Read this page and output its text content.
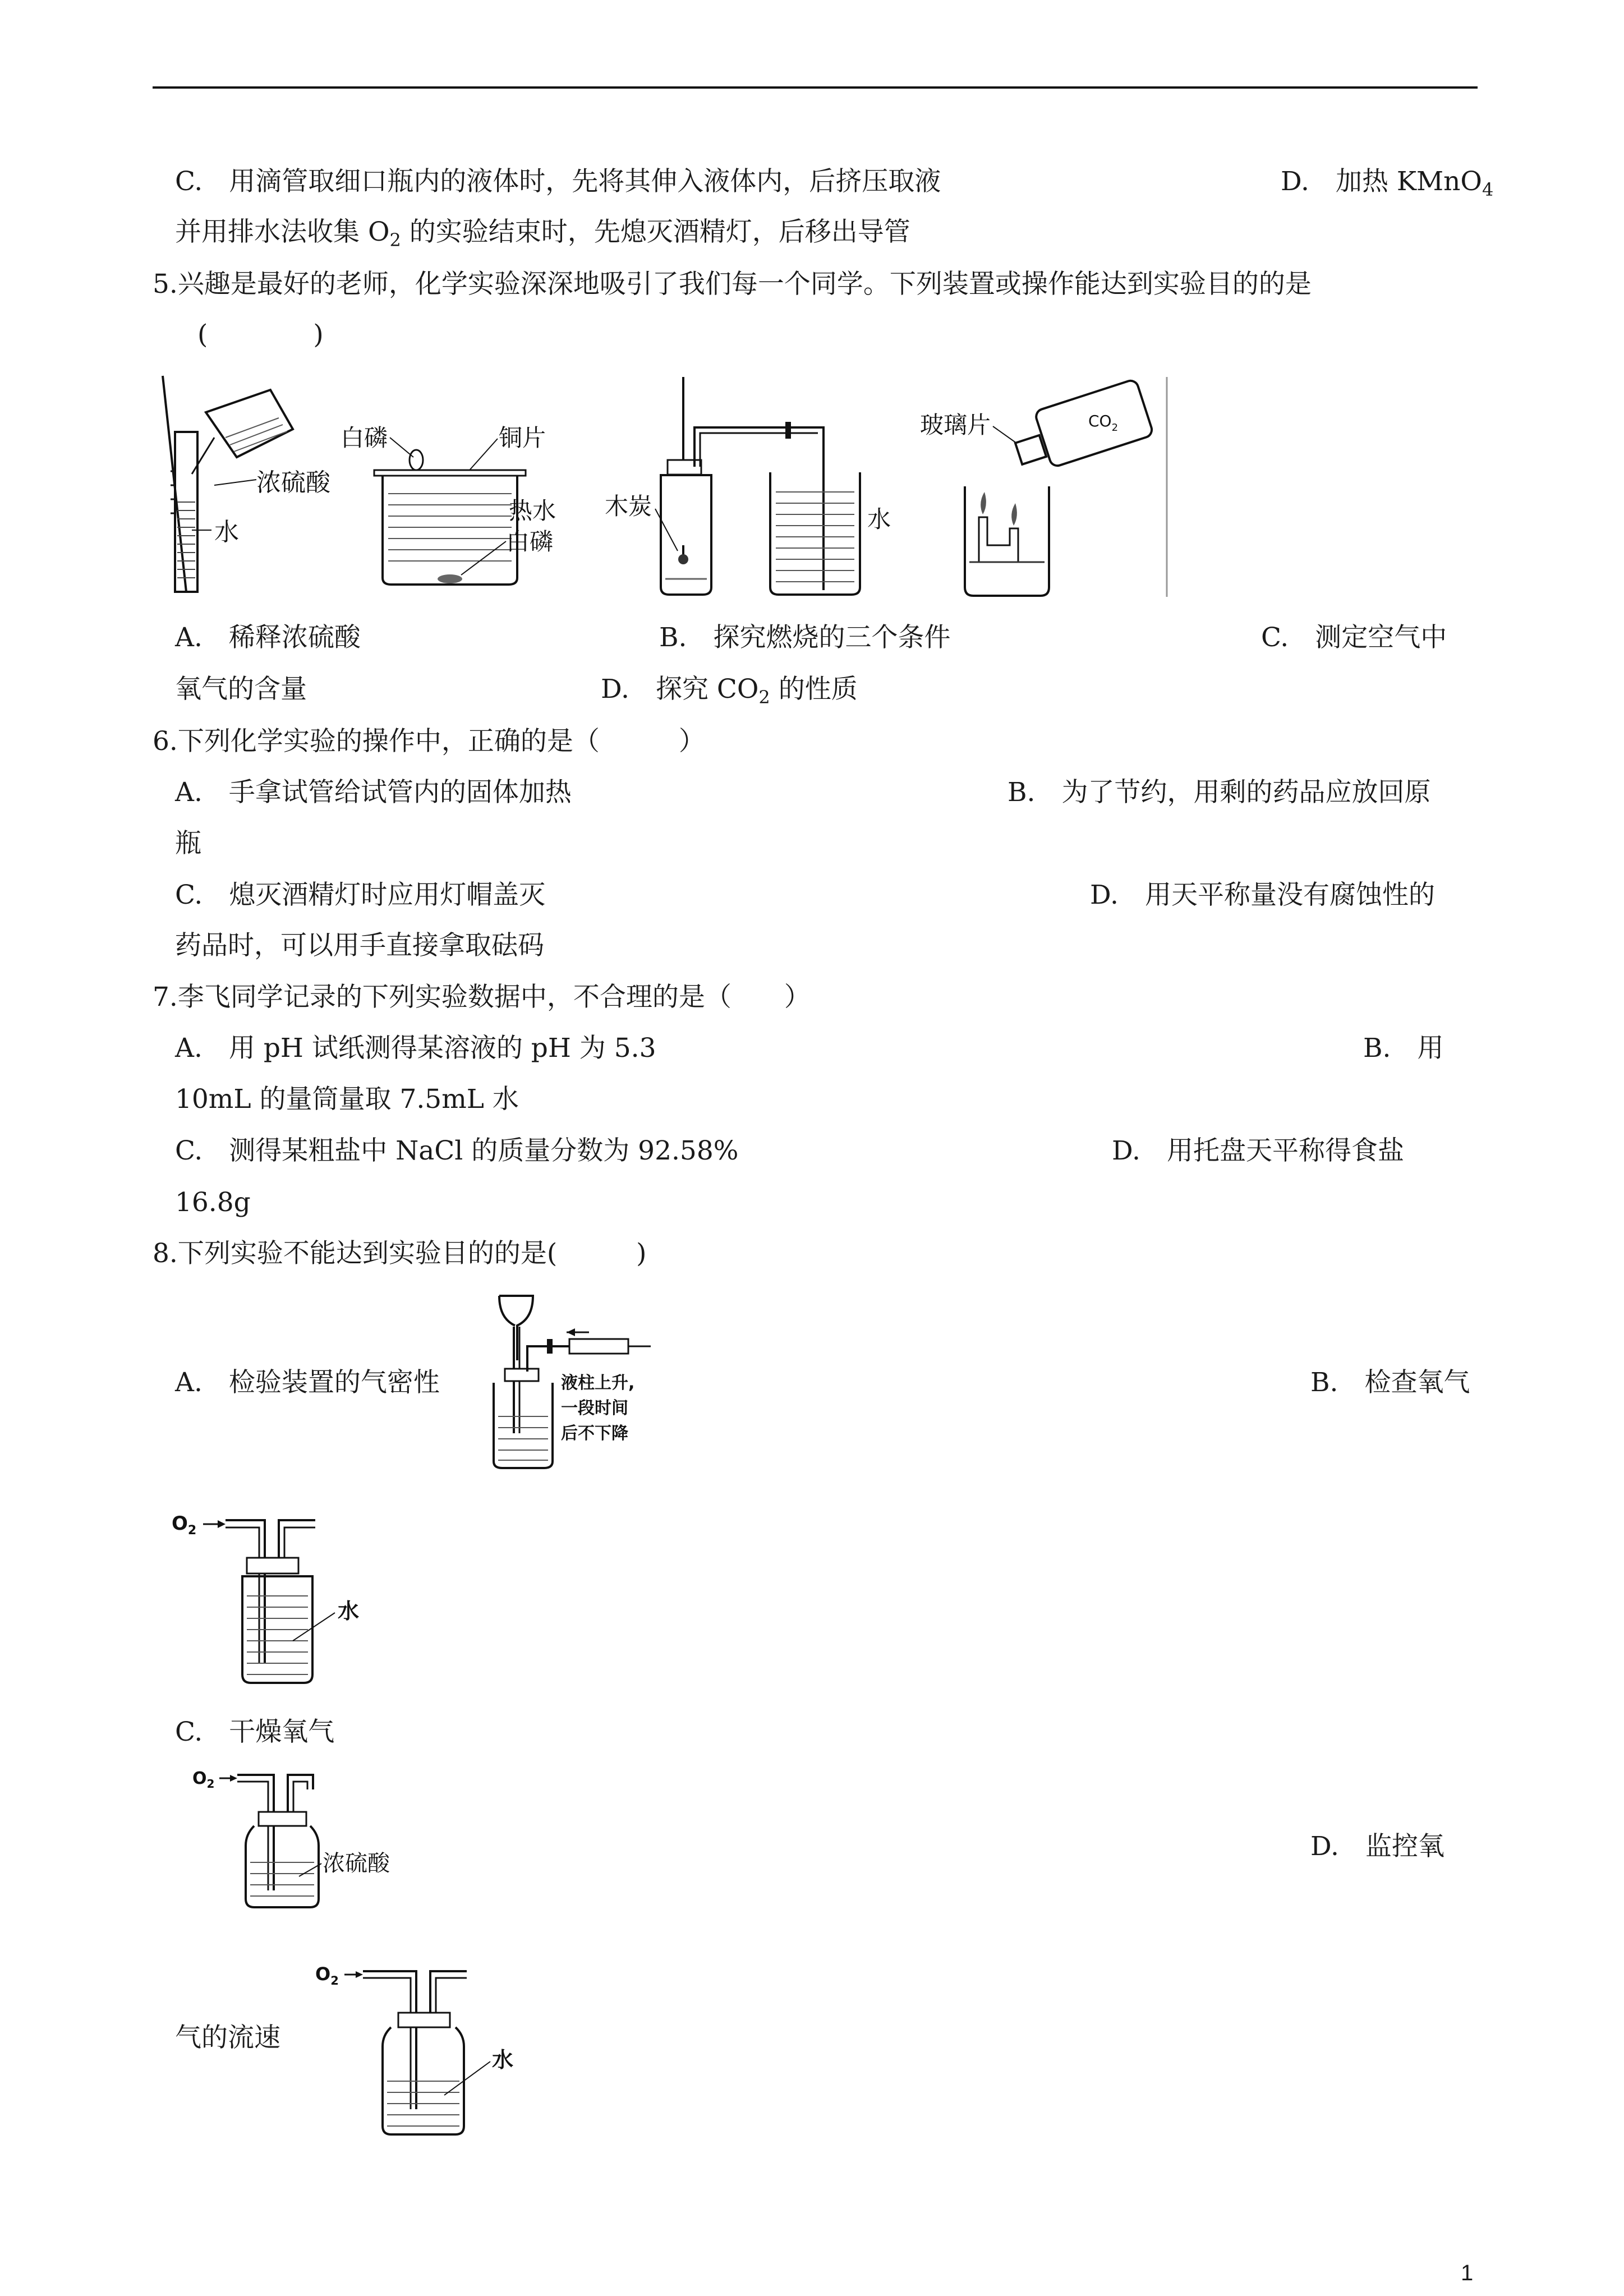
C.　用滴管取细口瓶内的液体时，先将其伸入液体内，后挤压取液	D.　加热 KMnO$_4$
并用排水法收集 $O_2$ 的实验结束时，先熄灭酒精灯，后移出导管
5.兴趣是最好的老师，化学实验深深地吸引了我们每一个同学。下列装置或操作能达到实验目的的是
(　　　　)
浓硫酸
水
白磷	铜片
热水
白磷
木炭	水
玻璃片	$CO_2$
A.　稀释浓硫酸	B.　探究燃烧的三个条件	C.　测定空气中
氧气的含量	D.　探究 $CO_2$ 的性质
6.下列化学实验的操作中，正确的是（　　　）
A.　手拿试管给试管内的固体加热	B.　为了节约，用剩的药品应放回原
瓶
C.　熄灭酒精灯时应用灯帽盖灭	D.　用天平称量没有腐蚀性的
药品时，可以用手直接拿取砝码
7.李飞同学记录的下列实验数据中，不合理的是（　　）
A.　用 pH 试纸测得某溶液的 pH 为 5.3	B.　用
10mL 的量筒量取 7.5mL 水
C.　测得某粗盐中 NaCl 的质量分数为 92.58%	D.　用托盘天平称得食盐
16.8g
8.下列实验不能达到实验目的的是(　　　)
A.　检验装置的气密性	液柱上升,
一段时间
后不下降
B.　检查氧气
$O_2$
水
C.　干燥氧气
$O_2$
浓硫酸
D.　监控氧
气的流速
$O_2$
水
1
